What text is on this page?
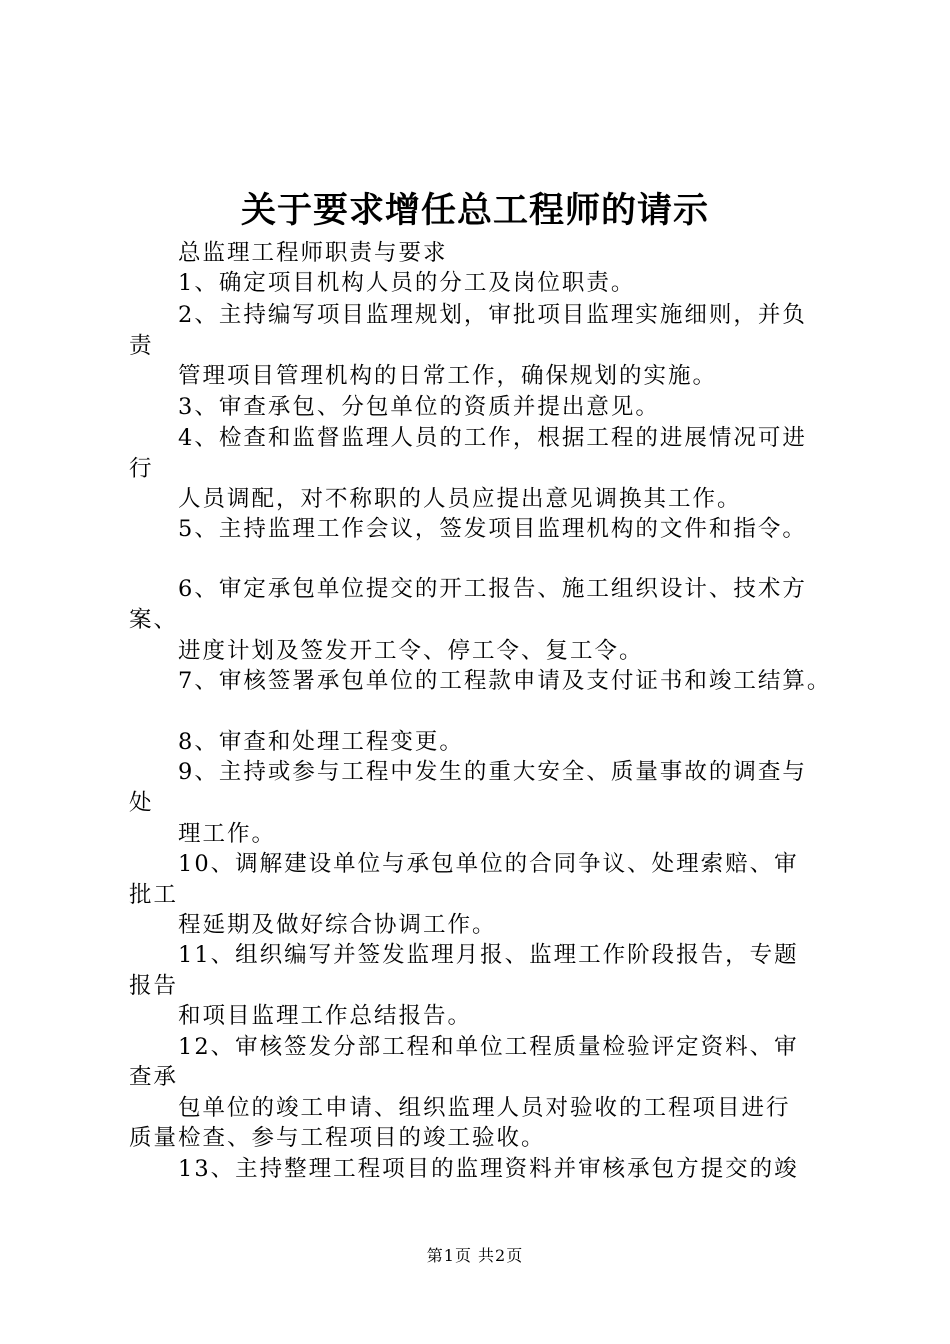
关于要求增任总工程师的请示
总监理工程师职责与要求
1、确定项目机构人员的分工及岗位职责。
2、主持编写项目监理规划，审批项目监理实施细则，并负
责
管理项目管理机构的日常工作，确保规划的实施。
3、审查承包、分包单位的资质并提出意见。
4、检查和监督监理人员的工作，根据工程的进展情况可进
行
人员调配，对不称职的人员应提出意见调换其工作。
5、主持监理工作会议，签发项目监理机构的文件和指令。
6、审定承包单位提交的开工报告、施工组织设计、技术方
案、
进度计划及签发开工令、停工令、复工令。
7、审核签署承包单位的工程款申请及支付证书和竣工结算。
8、审查和处理工程变更。
9、主持或参与工程中发生的重大安全、质量事故的调查与
处
理工作。
10、调解建设单位与承包单位的合同争议、处理索赔、审
批工
程延期及做好综合协调工作。
11、组织编写并签发监理月报、监理工作阶段报告，专题
报告
和项目监理工作总结报告。
12、审核签发分部工程和单位工程质量检验评定资料、审
查承
包单位的竣工申请、组织监理人员对验收的工程项目进行
质量检查、参与工程项目的竣工验收。
13、主持整理工程项目的监理资料并审核承包方提交的竣
第1页 共2页
